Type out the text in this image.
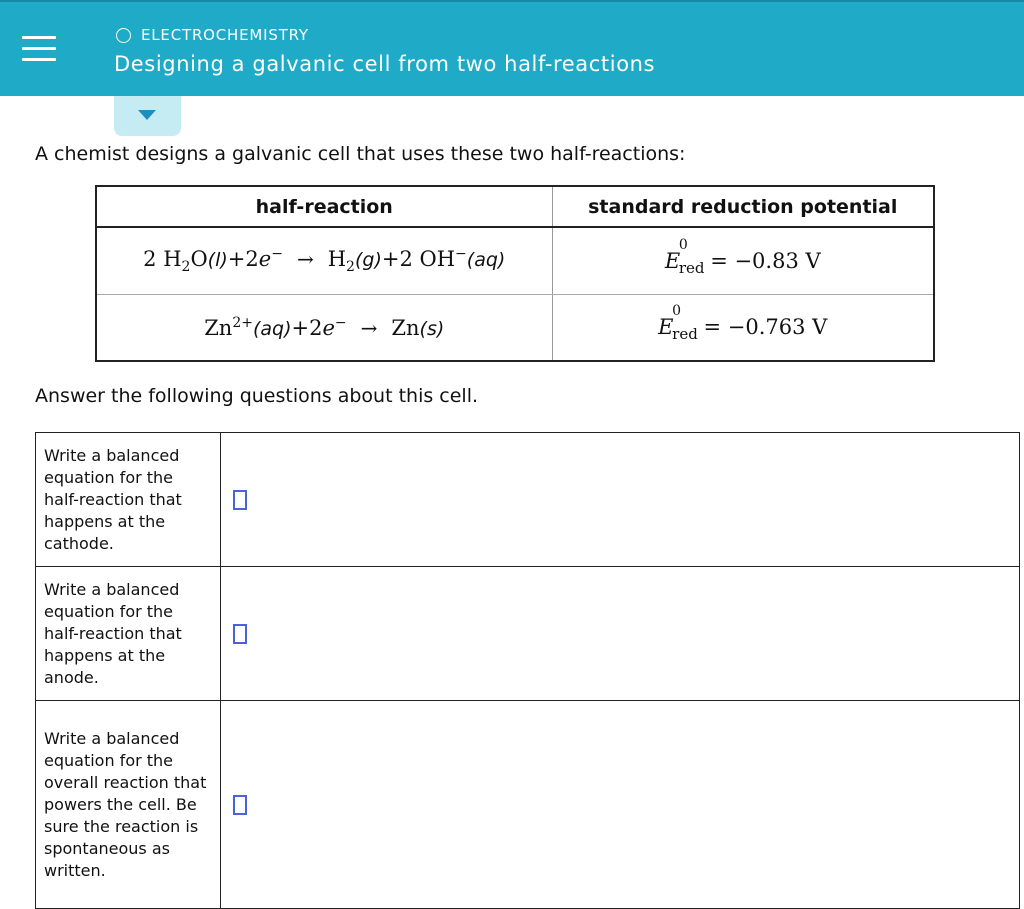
ELECTROCHEMISTRY
Designing a galvanic cell from two half-reactions
A chemist designs a galvanic cell that uses these two half-reactions:
half-reaction	standard reduction potential
2 $H_2O(l)+2e^- \to H_2(g)+2$ OH−(aq)	E
0
red = −0.83 V
$Zn^{2+}(aq)+2e^- \to Zn(s)$	E
0
red = −0.763 V
Answer the following questions about this cell.
Write a balanced equation for the half-reaction that happens at the cathode.	

Write a balanced equation for the half-reaction that happens at the anode.	

Write a balanced equation for the overall reaction that powers the cell. Be sure the reaction is spontaneous as written.	
